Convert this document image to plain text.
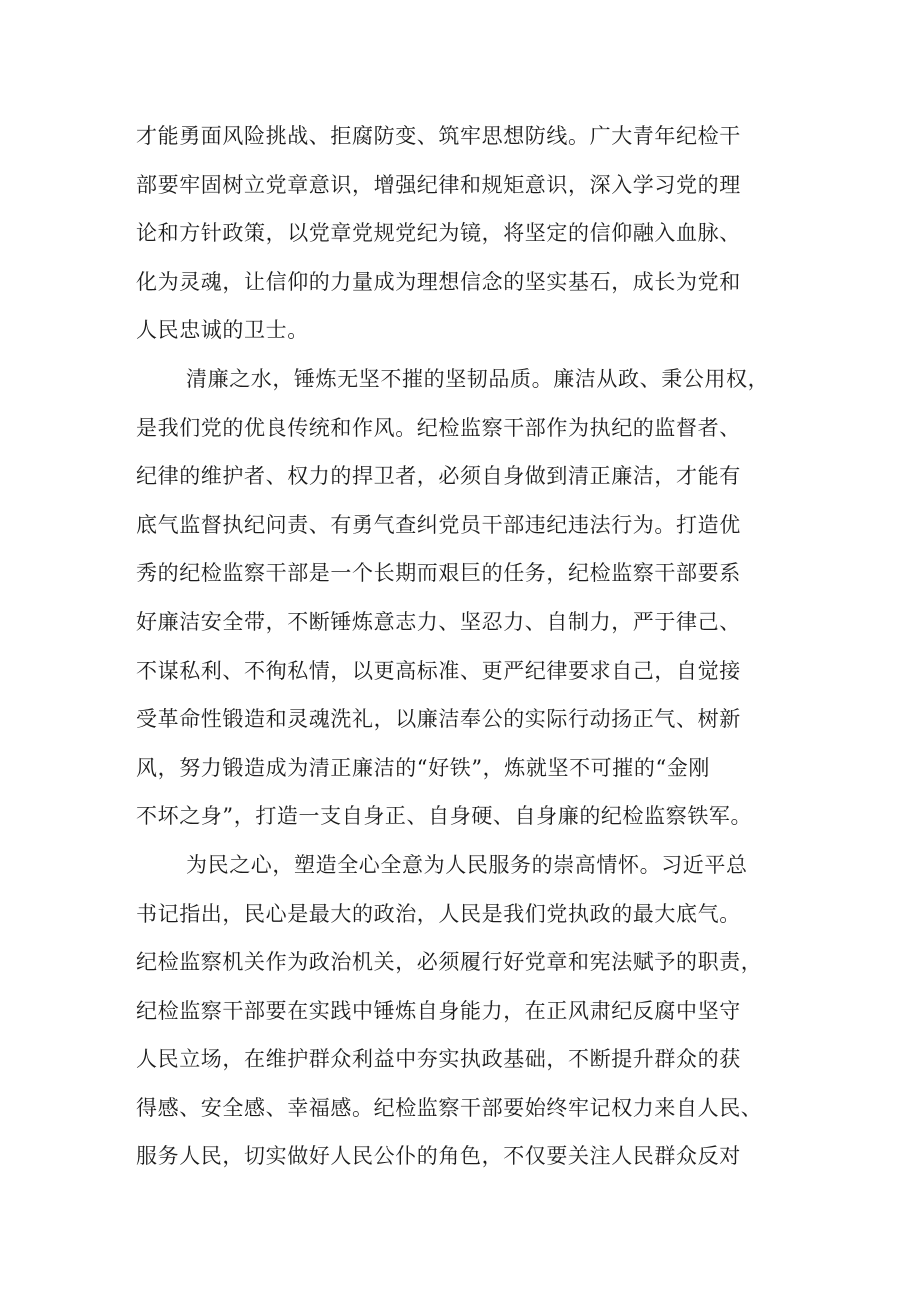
才能勇面风险挑战、拒腐防变、筑牢思想防线。广大青年纪检干
部要牢固树立党章意识，增强纪律和规矩意识，深入学习党的理
论和方针政策，以党章党规党纪为镜，将坚定的信仰融入血脉、
化为灵魂，让信仰的力量成为理想信念的坚实基石，成长为党和
人民忠诚的卫士。
清廉之水，锤炼无坚不摧的坚韧品质。廉洁从政、秉公用权，
是我们党的优良传统和作风。纪检监察干部作为执纪的监督者、
纪律的维护者、权力的捍卫者，必须自身做到清正廉洁，才能有
底气监督执纪问责、有勇气查纠党员干部违纪违法行为。打造优
秀的纪检监察干部是一个长期而艰巨的任务，纪检监察干部要系
好廉洁安全带，不断锤炼意志力、坚忍力、自制力，严于律己、
不谋私利、不徇私情，以更高标准、更严纪律要求自己，自觉接
受革命性锻造和灵魂洗礼，以廉洁奉公的实际行动扬正气、树新
风，努力锻造成为清正廉洁的“好铁”，炼就坚不可摧的“金刚
不坏之身”，打造一支自身正、自身硬、自身廉的纪检监察铁军。
为民之心，塑造全心全意为人民服务的崇高情怀。习近平总
书记指出，民心是最大的政治，人民是我们党执政的最大底气。
纪检监察机关作为政治机关，必须履行好党章和宪法赋予的职责，
纪检监察干部要在实践中锤炼自身能力，在正风肃纪反腐中坚守
人民立场，在维护群众利益中夯实执政基础，不断提升群众的获
得感、安全感、幸福感。纪检监察干部要始终牢记权力来自人民、
服务人民，切实做好人民公仆的角色，不仅要关注人民群众反对
